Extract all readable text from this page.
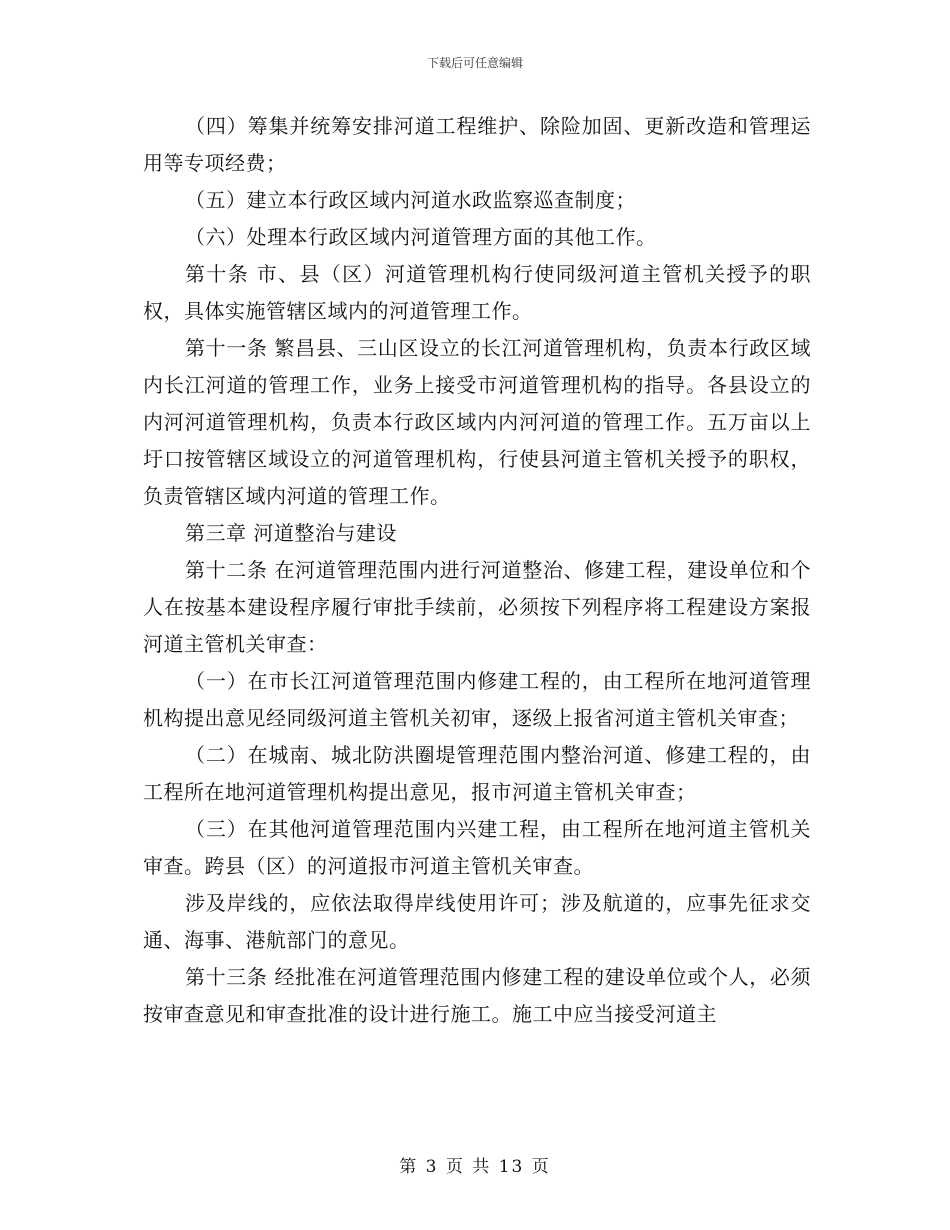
下载后可任意编辑

（四）筹集并统筹安排河道工程维护、除险加固、更新改造和管理运用等专项经费；

（五）建立本行政区域内河道水政监察巡查制度；

（六）处理本行政区域内河道管理方面的其他工作。

第十条 市、县（区）河道管理机构行使同级河道主管机关授予的职权，具体实施管辖区域内的河道管理工作。

第十一条 繁昌县、三山区设立的长江河道管理机构，负责本行政区域内长江河道的管理工作，业务上接受市河道管理机构的指导。各县设立的内河河道管理机构，负责本行政区域内内河河道的管理工作。五万亩以上圩口按管辖区域设立的河道管理机构，行使县河道主管机关授予的职权，负责管辖区域内河道的管理工作。

第三章 河道整治与建设

第十二条 在河道管理范围内进行河道整治、修建工程，建设单位和个人在按基本建设程序履行审批手续前，必须按下列程序将工程建设方案报河道主管机关审查：

（一）在市长江河道管理范围内修建工程的，由工程所在地河道管理机构提出意见经同级河道主管机关初审，逐级上报省河道主管机关审查；

（二）在城南、城北防洪圈堤管理范围内整治河道、修建工程的，由工程所在地河道管理机构提出意见，报市河道主管机关审查；

（三）在其他河道管理范围内兴建工程，由工程所在地河道主管机关审查。跨县（区）的河道报市河道主管机关审查。

涉及岸线的，应依法取得岸线使用许可；涉及航道的，应事先征求交通、海事、港航部门的意见。

第十三条 经批准在河道管理范围内修建工程的建设单位或个人，必须按审查意见和审查批准的设计进行施工。施工中应当接受河道主

第 3 页 共 13 页
